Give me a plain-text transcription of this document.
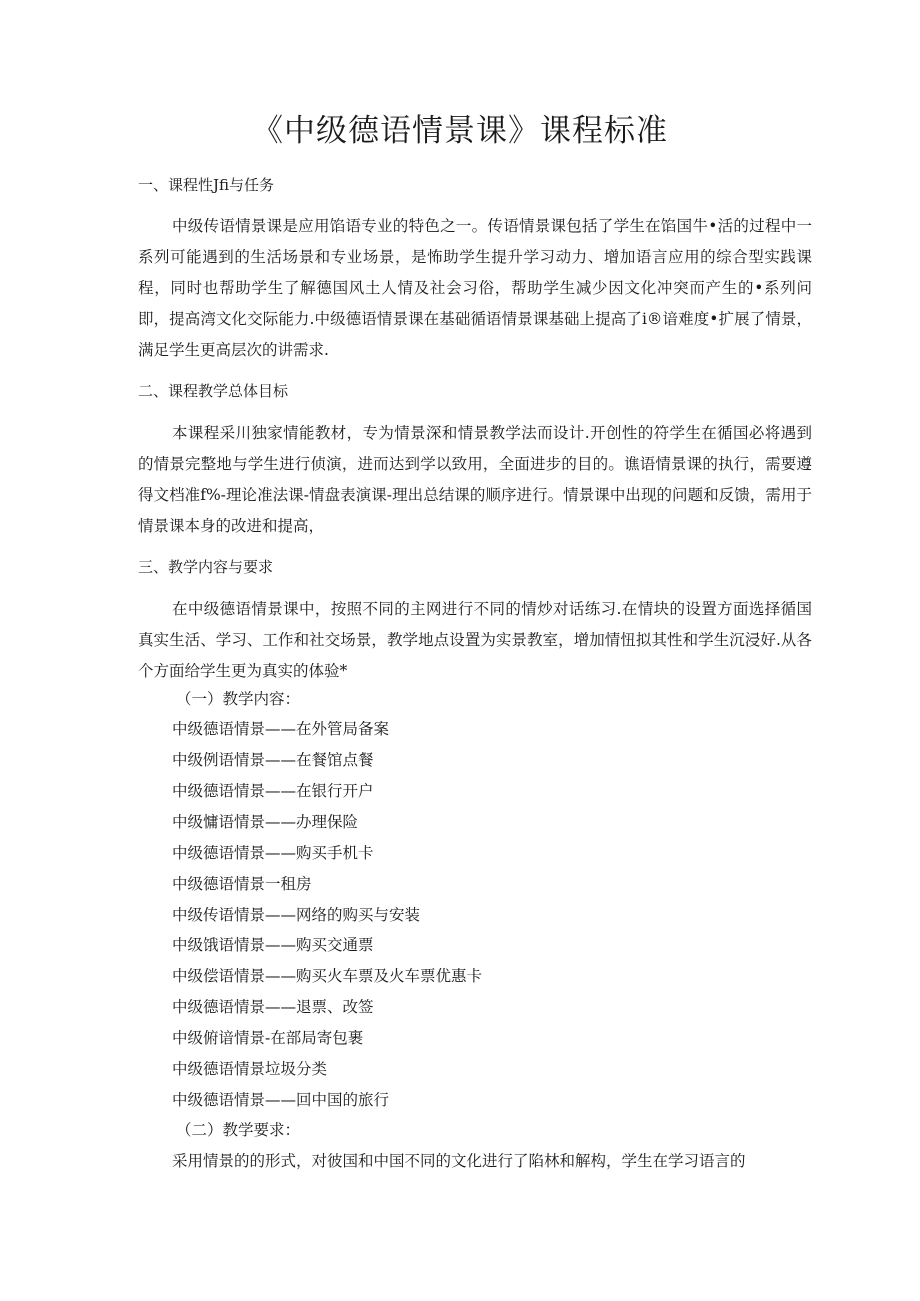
《中级德语情景课》课程标准
一、课程性Jfi与任务
中级传语情景课是应用馅语专业的特色之一。传语情景课包括了学生在馅国牛•活的过程中一系列可能遇到的生活场景和专业场景，是怖助学生提升学习动力、增加语言应用的综合型实践课程，同时也帮助学生了解德国风土人情及社会习俗，帮助学生减少因文化冲突而产生的•系列问即，提高湾文化交际能力.中级德语情景课在基础循语情景课基础上提高了i®谙难度•扩展了情景，满足学生更高层次的讲需求.
二、课程教学总体目标
本课程采川独家情能教材，专为情景深和情景教学法而设计.开创性的符学生在循国必将遇到的情景完整地与学生进行侦演，进而达到学以致用，全面进步的目的。谯语情景课的执行，需要遵得文档准f%-理论准法课-情盘表演课-理出总结课的顺序进行。情景课中出现的问题和反馈，需用于情景课本身的改进和提高，
三、教学内容与要求
在中级德语情景课中，按照不同的主网进行不同的情炒对话练习.在情块的设置方面选择循国真实生活、学习、工作和社交场景，教学地点设置为实景教室，增加情忸拟其性和学生沉浸好.从各个方面给学生更为真实的体验*
（一）教学内容：
中级德语情景——在外管局备案
中级例语情景——在餐馆点餐
中级德语情景——在银行开户
中级慵语情景——办理保险
中级德语情景——购买手机卡
中级德语情景一租房
中级传语情景——网络的购买与安装
中级饿语情景——购买交通票
中级偿语情景——购买火车票及火车票优惠卡
中级德语情景——退票、改签
中级俯谙情景-在部局寄包裹
中级德语情景垃圾分类
中级德语情景——回中国的旅行
（二）教学要求：
采用情景的的形式，对彼国和中国不同的文化进行了陷林和解构，学生在学习语言的
